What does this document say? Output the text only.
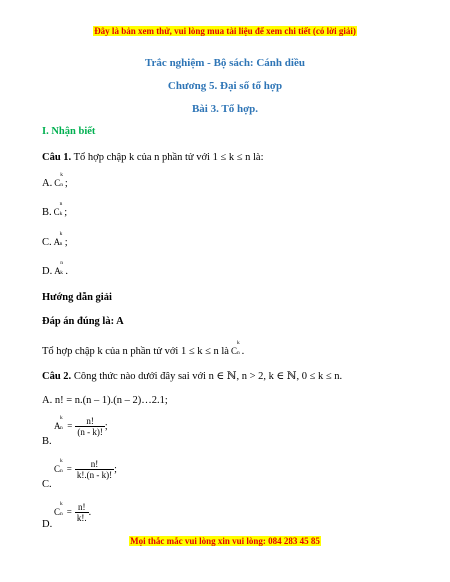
Đây là bản xem thử, vui lòng mua tài liệu để xem chi tiết (có lời giải)
Trắc nghiệm - Bộ sách: Cánh diều
Chương 5. Đại số tổ hợp
Bài 3. Tổ hợp.
I. Nhận biết
Câu 1. Tổ hợp chập k của n phần tử với 1 ≤ k ≤ n là:
A. C
k
n ;
B. C
n
k ;
C. A
k
n ;
D. A
n
k .
Hướng dẫn giải
Đáp án đúng là: A
Tổ hợp chập k của n phần tử với 1 ≤ k ≤ n là C
k
n .
Câu 2. Công thức nào dưới đây sai với n ∈ ℕ, n > 2, k ∈ ℕ, 0 ≤ k ≤ n.
A. n! = n.(n – 1).(n – 2)…2.1;
B.
A
k
$n = \frac{n!}{(n - k)!}$ ;
C.
C
k
$n = \frac{n!}{k!.(n - k)!}$ ;
D.
C
k
$n = \frac{n!}{k!.}$ .
Mọi thắc mắc vui lòng xin vui lòng: 084 283 45 85
